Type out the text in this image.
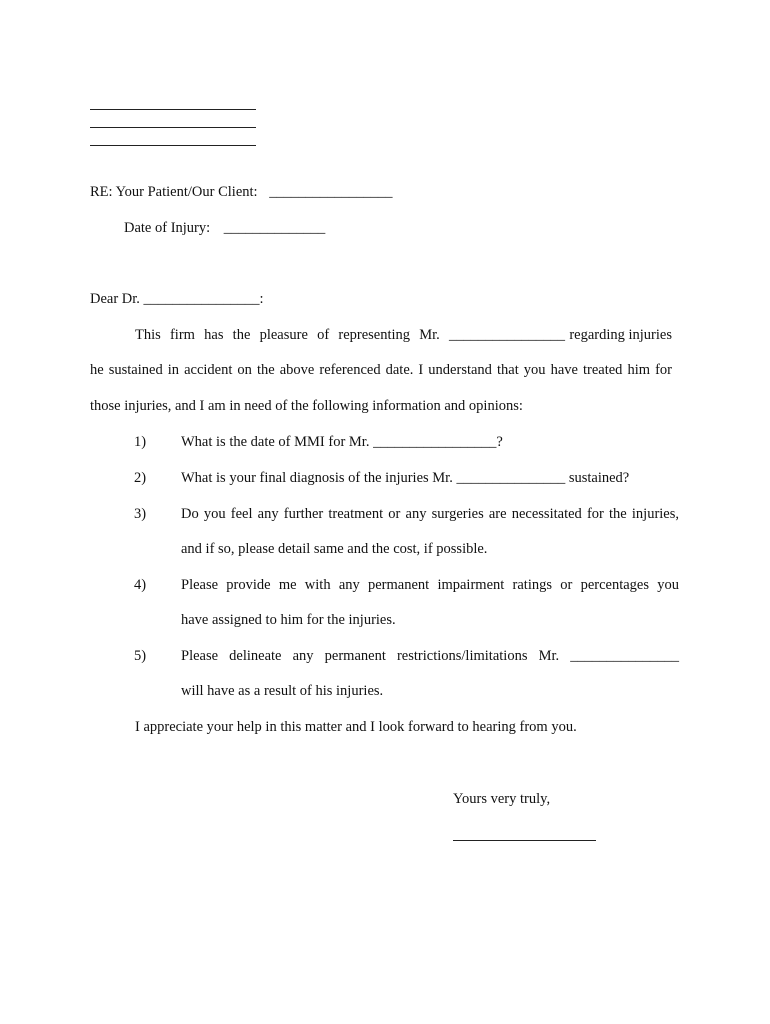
RE: Your Patient/Our Client: _________________
Date of Injury: ______________
Dear Dr. ________________:
This firm has the pleasure of representing Mr. ________________ regarding injuries
he sustained in accident on the above referenced date. I understand that you have treated him for
those injuries, and I am in need of the following information and opinions:
1)	What is the date of MMI for Mr. _________________?
2)	What is your final diagnosis of the injuries Mr. _______________ sustained?
3)	Do you feel any further treatment or any surgeries are necessitated for the injuries,
and if so, please detail same and the cost, if possible.
4)	Please provide me with any permanent impairment ratings or percentages you
have assigned to him for the injuries.
5)	Please delineate any permanent restrictions/limitations Mr. _______________
will have as a result of his injuries.
I appreciate your help in this matter and I look forward to hearing from you.
Yours very truly,
